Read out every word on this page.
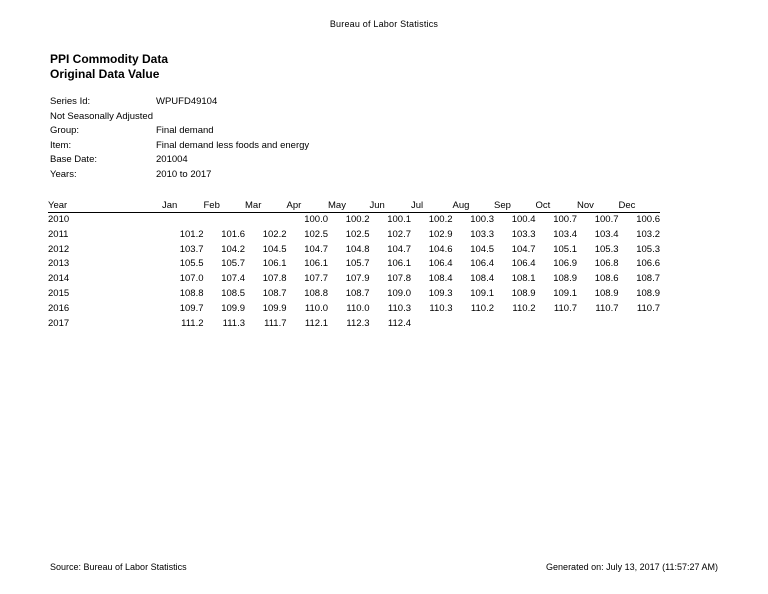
Bureau of Labor Statistics
PPI Commodity Data
Original Data Value
Series Id:	WPUFD49104
Not Seasonally Adjusted
Group:	Final demand
Item:	Final demand less foods and energy
Base Date:	201004
Years:	2010 to 2017
Year	Jan	Feb	Mar	Apr	May	Jun	Jul	Aug	Sep	Oct	Nov	Dec
2010				100.0	100.2	100.1	100.2	100.3	100.4	100.7	100.7	100.6
2011	101.2	101.6	102.2	102.5	102.5	102.7	102.9	103.3	103.3	103.4	103.4	103.2
2012	103.7	104.2	104.5	104.7	104.8	104.7	104.6	104.5	104.7	105.1	105.3	105.3
2013	105.5	105.7	106.1	106.1	105.7	106.1	106.4	106.4	106.4	106.9	106.8	106.6
2014	107.0	107.4	107.8	107.7	107.9	107.8	108.4	108.4	108.1	108.9	108.6	108.7
2015	108.8	108.5	108.7	108.8	108.7	109.0	109.3	109.1	108.9	109.1	108.9	108.9
2016	109.7	109.9	109.9	110.0	110.0	110.3	110.3	110.2	110.2	110.7	110.7	110.7
2017	111.2	111.3	111.7	112.1	112.3	112.4						
Source: Bureau of Labor Statistics	Generated on: July 13, 2017 (11:57:27 AM)
